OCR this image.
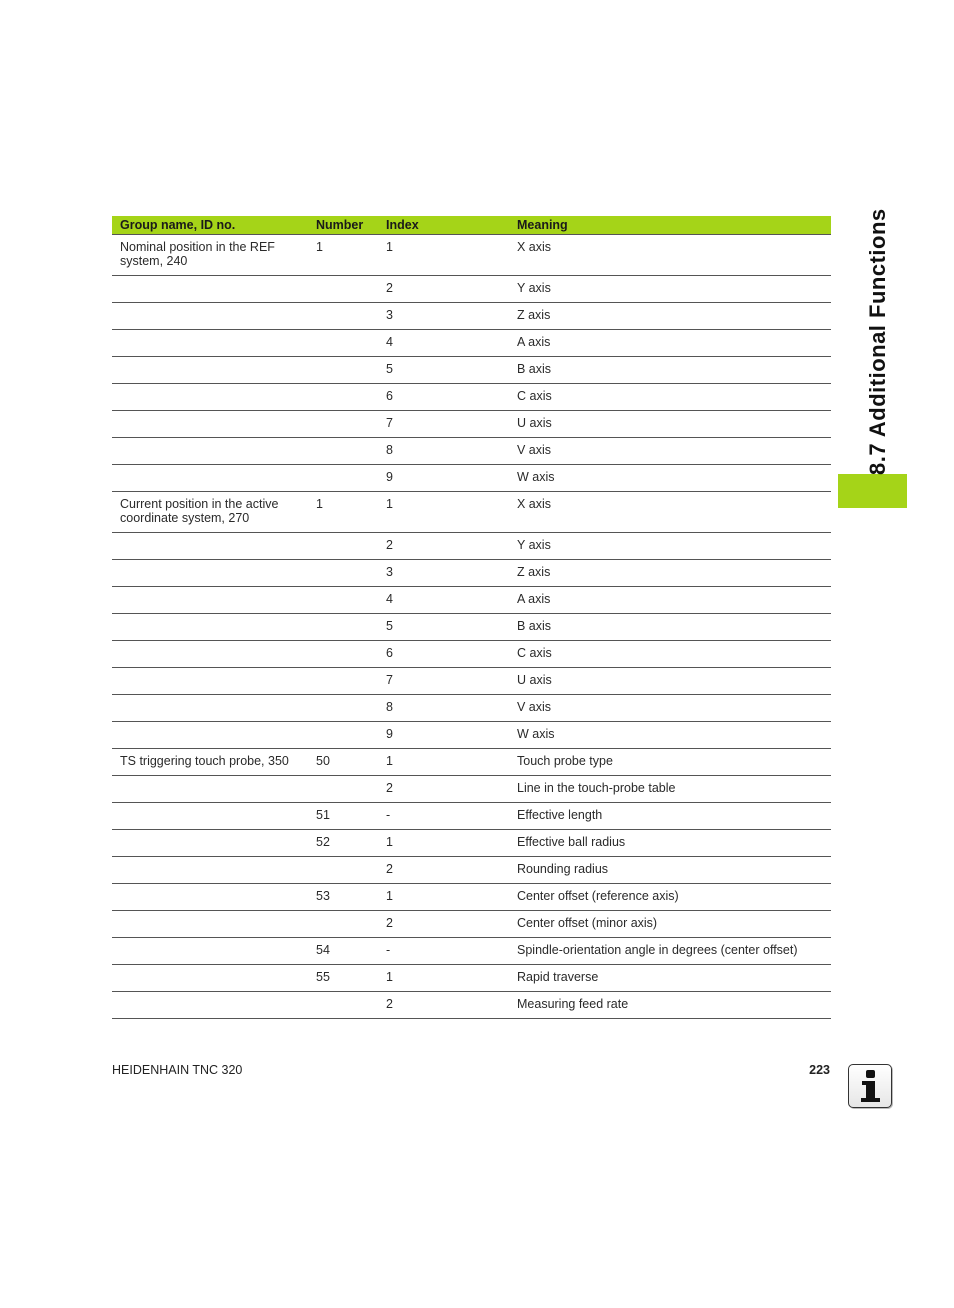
Group name, ID no.	Number	Index	Meaning
Nominal position in the REF system, 240	1	1	X axis
		2	Y axis
		3	Z axis
		4	A axis
		5	B axis
		6	C axis
		7	U axis
		8	V axis
		9	W axis
Current position in the active coordinate system, 270	1	1	X axis
		2	Y axis
		3	Z axis
		4	A axis
		5	B axis
		6	C axis
		7	U axis
		8	V axis
		9	W axis
TS triggering touch probe, 350	50	1	Touch probe type
		2	Line in the touch-probe table
	51	-	Effective length
	52	1	Effective ball radius
		2	Rounding radius
	53	1	Center offset (reference axis)
		2	Center offset (minor axis)
	54	-	Spindle-orientation angle in degrees (center offset)
	55	1	Rapid traverse
		2	Measuring feed rate
8.7 Additional Functions
HEIDENHAIN TNC 320	223
